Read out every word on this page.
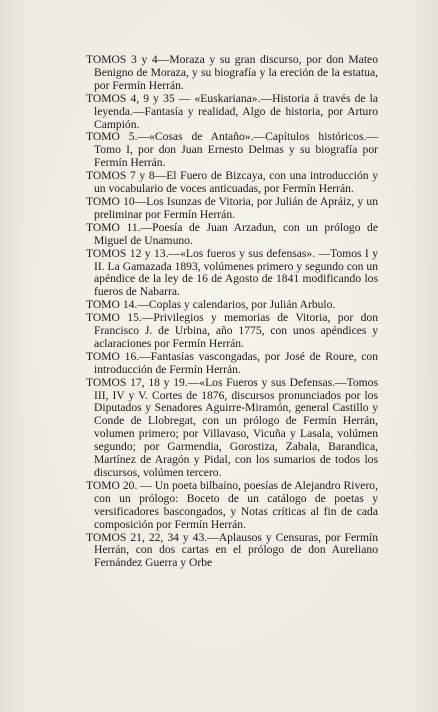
TOMOS 3 y 4—Moraza y su gran discurso, por don Mateo Benigno de Moraza, y su biografía y la ereción de la estatua, por Fermín Herrán.

TOMOS 4, 9 y 35 — «Euskariana».—Historia á través de la leyenda.—Fantasía y realidad, Algo de historia, por Arturo Campión.

TOMO 5.—«Cosas de Antaño».—Capítulos históricos.—Tomo I, por don Juan Ernesto Delmas y su biografía por Fermín Herrán.

TOMOS 7 y 8—El Fuero de Bizcaya, con una introducción y un vocabulario de voces anticuadas, por Fermín Herrán.

TOMO 10—Los Isunzas de Vitoria, por Julián de Apráiz, y un preliminar por Fermín Herrán.

TOMO 11.—Poesía de Juan Arzadun, con un prólogo de Miguel de Unamuno.

TOMOS 12 y 13.—«Los fueros y sus defensas». —Tomos I y II. La Gamazada 1893, volúmenes primero y segundo con un apéndice de la ley de 16 de Agosto de 1841 modificando los fueros de Nabarra.

TOMO 14.—Coplas y calendarios, por Julián Arbulo.

TOMO 15.—Privilegios y memorias de Vitoria, por don Francisco J. de Urbina, año 1775, con unos apéndices y aclaraciones por Fermín Herrán.

TOMO 16.—Fantasías vascongadas, por José de Roure, con introducción de Fermín Herrán.

TOMOS 17, 18 y 19.—«Los Fueros y sus Defensas.—Tomos III, IV y V. Cortes de 1876, discursos pronunciados por los Diputados y Senadores Aguirre-Miramón, general Castillo y Conde de Llobregat, con un prólogo de Fermín Herrán, volumen primero; por Villavaso, Vicuña y Lasala, volúmen segundo; por Garmendia, Gorostiza, Zabala, Barandica, Martínez de Aragón y Pidal, con los sumarios de todos los discursos, volúmen tercero.

TOMO 20. — Un poeta bilbaíno, poesías de Alejandro Rivero, con un prólogo: Boceto de un catálogo de poetas y versificadores bascongados, y Notas críticas al fin de cada composición por Fermín Herrán.

TOMOS 21, 22, 34 y 43.—Aplausos y Censuras, por Fermín Herrán, con dos cartas en el prólogo de don Aureliano Fernández Guerra y Orbe
